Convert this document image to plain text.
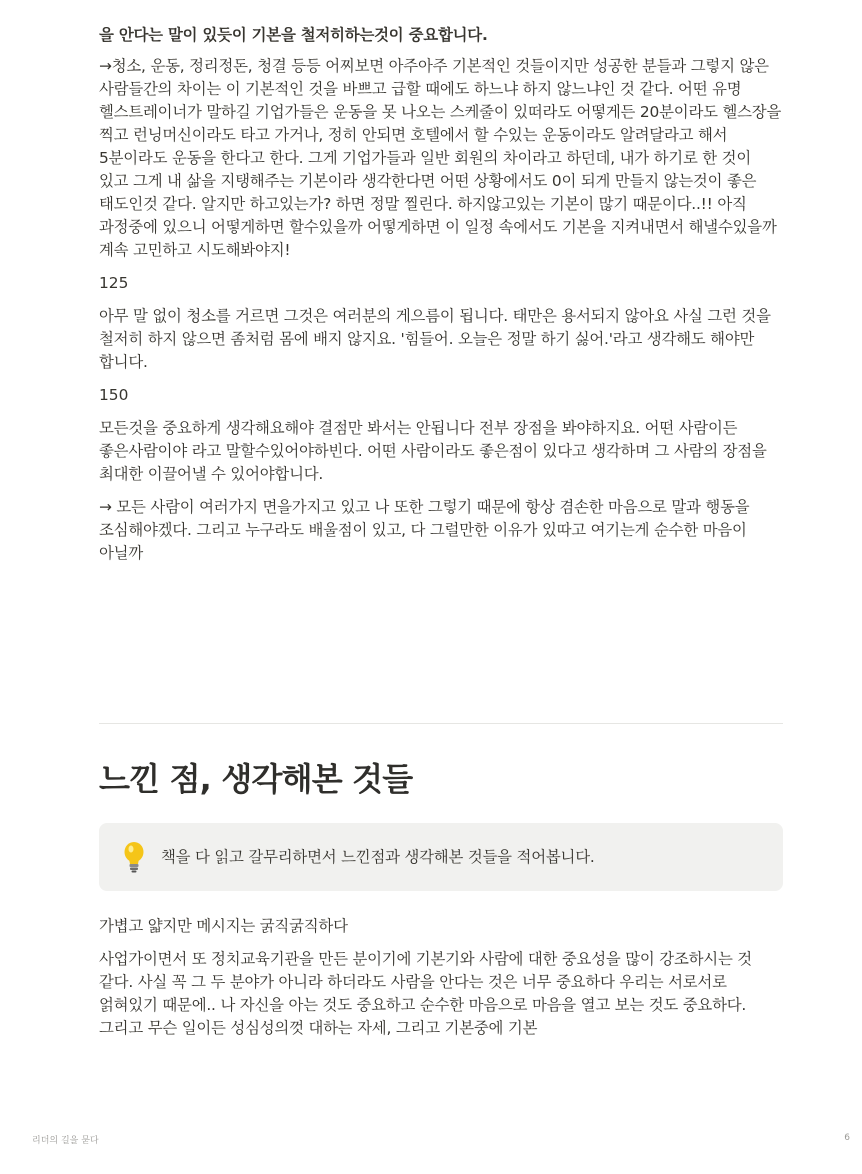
을 안다는 말이 있듯이 기본을 철저히하는것이 중요합니다.

→청소, 운동, 정리정돈, 청결 등등 어찌보면 아주아주 기본적인 것들이지만 성공한 분들과 그렇지 않은 사람들간의 차이는 이 기본적인 것을 바쁘고 급할 때에도 하느냐 하지 않느냐인 것 같다. 어떤 유명 헬스트레이너가 말하길 기업가들은 운동을 못 나오는 스케줄이 있떠라도 어떻게든 20분이라도 헬스장을 찍고 런닝머신이라도 타고 가거나, 정히 안되면 호텔에서 할 수있는 운동이라도 알려달라고 해서 5분이라도 운동을 한다고 한다. 그게 기업가들과 일반 회원의 차이라고 하던데, 내가 하기로 한 것이 있고 그게 내 삶을 지탱해주는 기본이라 생각한다면 어떤 상황에서도 0이 되게 만들지 않는것이 좋은 태도인것 같다. 알지만 하고있는가? 하면 정말 찔린다. 하지않고있는 기본이 많기 때문이다..!! 아직 과정중에 있으니 어떻게하면 할수있을까 어떻게하면 이 일정 속에서도 기본을 지켜내면서 해낼수있을까 계속 고민하고 시도해봐야지!

125

아무 말 없이 청소를 거르면 그것은 여러분의 게으름이 됩니다. 태만은 용서되지 않아요 사실 그런 것을 철저히 하지 않으면 좀처럼 몸에 배지 않지요. '힘들어. 오늘은 정말 하기 싫어.'라고 생각해도 해야만 합니다.

150

모든것을 중요하게 생각해요해야 결점만 봐서는 안됩니다 전부 장점을 봐야하지요. 어떤 사람이든 좋은사람이야 라고 말할수있어야하빈다. 어떤 사람이라도 좋은점이 있다고 생각하며 그 사람의 장점을 최대한 이끌어낼 수 있어야합니다.

→ 모든 사람이 여러가지 면을가지고 있고 나 또한 그렇기 때문에 항상 겸손한 마음으로 말과 행동을 조심해야겠다. 그리고 누구라도 배울점이 있고, 다 그럴만한 이유가 있따고 여기는게 순수한 마음이 아닐까

느낀 점, 생각해본 것들
책을 다 읽고 갈무리하면서 느낀점과 생각해본 것들을 적어봅니다.

가볍고 얇지만 메시지는 굵직굵직하다

사업가이면서 또 정치교육기관을 만든 분이기에 기본기와 사람에 대한 중요성을 많이 강조하시는 것 같다. 사실 꼭 그 두 분야가 아니라 하더라도 사람을 안다는 것은 너무 중요하다 우리는 서로서로 얽혀있기 때문에.. 나 자신을 아는 것도 중요하고 순수한 마음으로 마음을 열고 보는 것도 중요하다. 그리고 무슨 일이든 성심성의껏 대하는 자세, 그리고 기본중에 기본

리더의 길을 묻다	6
